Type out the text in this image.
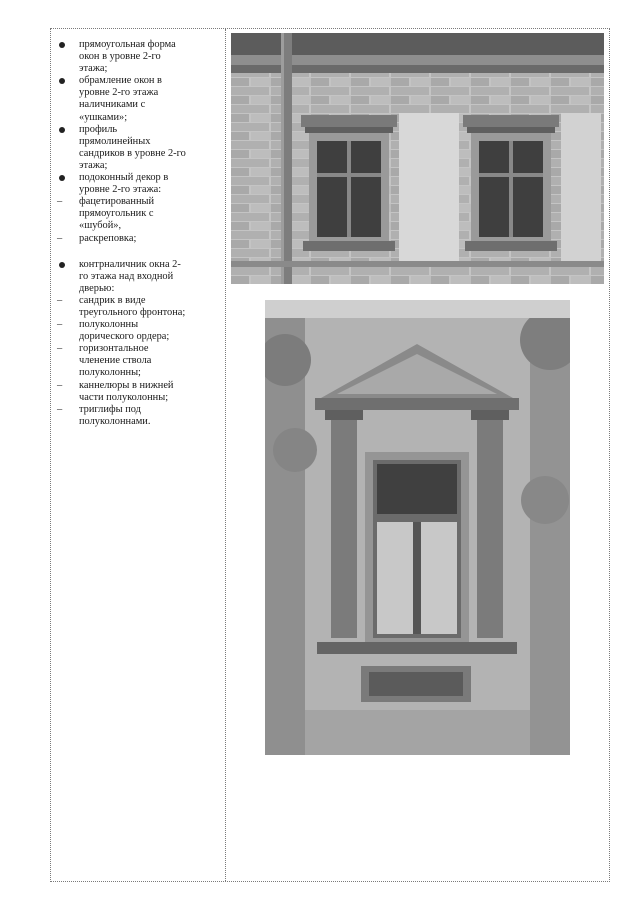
прямоугольная форма
окон в уровне 2-го
этажа;
обрамление окон в
уровне 2-го этажа
наличниками с
«ушками»;
профиль
прямолинейных
сандриков в уровне 2-го
этажа;
подоконный декор в
уровне 2-го этажа:
– фацетированный
прямоугольник с
«шубой»,
– раскреповка;
контрналичник окна 2-
го этажа над входной
дверью:
– сандрик в виде
треугольного фронтона;
– полуколонны
дорического ордера;
– горизонтальное
членение ствола
полуколонны;
– каннелюры в нижней
части полуколонны;
– триглифы под
полуколоннами.
